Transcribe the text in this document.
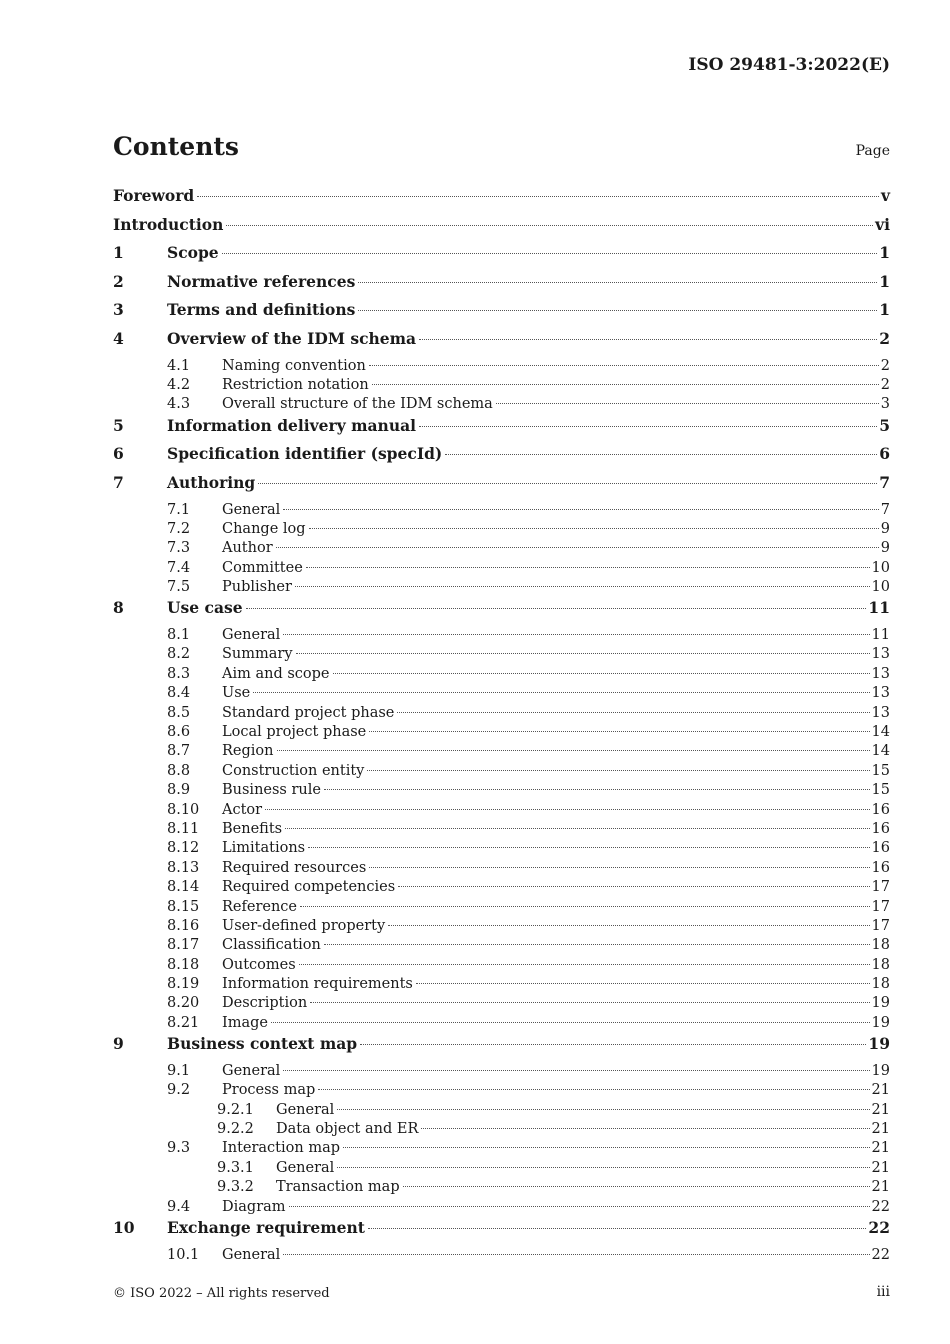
ISO 29481-3:2022(E)
Contents	Page
Foreword	v
Introduction	vi
1	Scope	1
2	Normative references	1
3	Terms and definitions	1
4	Overview of the IDM schema	2
4.1	Naming convention	2
4.2	Restriction notation	2
4.3	Overall structure of the IDM schema	3
5	Information delivery manual	5
6	Specification identifier (specId)	6
7	Authoring	7
7.1	General	7
7.2	Change log	9
7.3	Author	9
7.4	Committee	10
7.5	Publisher	10
8	Use case	11
8.1	General	11
8.2	Summary	13
8.3	Aim and scope	13
8.4	Use	13
8.5	Standard project phase	13
8.6	Local project phase	14
8.7	Region	14
8.8	Construction entity	15
8.9	Business rule	15
8.10	Actor	16
8.11	Benefits	16
8.12	Limitations	16
8.13	Required resources	16
8.14	Required competencies	17
8.15	Reference	17
8.16	User-defined property	17
8.17	Classification	18
8.18	Outcomes	18
8.19	Information requirements	18
8.20	Description	19
8.21	Image	19
9	Business context map	19
9.1	General	19
9.2	Process map	21
9.2.1	General	21
9.2.2	Data object and ER	21
9.3	Interaction map	21
9.3.1	General	21
9.3.2	Transaction map	21
9.4	Diagram	22
10	Exchange requirement	22
10.1	General	22
© ISO 2022 – All rights reserved	iii
